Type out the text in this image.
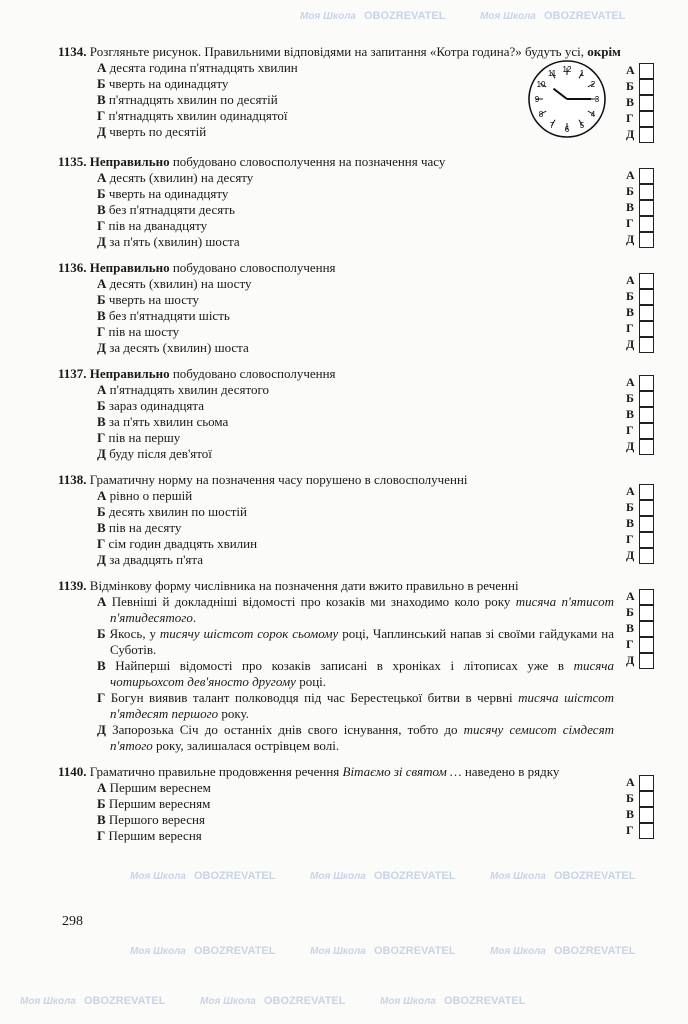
Моя Школа OBOZREVATEL	Моя Школа OBOZREVATEL
Моя Школа OBOZREVATEL	Моя Школа OBOZREVATEL	Моя Школа OBOZREVATEL
Моя Школа OBOZREVATEL	Моя Школа OBOZREVATEL	Моя Школа OBOZREVATEL
Моя Школа OBOZREVATEL	Моя Школа OBOZREVATEL	Моя Школа OBOZREVATEL
1134. Розгляньте рисунок. Правильними відповідями на запитання «Котра година?» будуть усі, окрім
А десята година п'ятнадцять хвилин
Б чверть на одинадцяту
В п'ятнадцять хвилин по десятій
Г п'ятнадцять хвилин одинадцятої
Д чверть по десятій
А
Б
В
Г
Д
1135. Неправильно побудовано словосполучення на позначення часу
А десять (хвилин) на десяту
Б чверть на одинадцяту
В без п'ятнадцяти десять
Г пів на дванадцяту
Д за п'ять (хвилин) шоста
А
Б
В
Г
Д
1136. Неправильно побудовано словосполучення
А десять (хвилин) на шосту
Б чверть на шосту
В без п'ятнадцяти шість
Г пів на шосту
Д за десять (хвилин) шоста
А
Б
В
Г
Д
1137. Неправильно побудовано словосполучення
А п'ятнадцять хвилин десятого
Б зараз одинадцята
В за п'ять хвилин сьома
Г пів на першу
Д буду після дев'ятої
А
Б
В
Г
Д
1138. Граматичну норму на позначення часу порушено в словосполученні
А рівно о першій
Б десять хвилин по шостій
В пів на десяту
Г сім годин двадцять хвилин
Д за двадцять п'ята
А
Б
В
Г
Д
1139. Відмінкову форму числівника на позначення дати вжито правильно в реченні
А Певніші й докладніші відомості про козаків ми знаходимо коло року тисяча п'ятисот п'ятидесятого.
Б Якось, у тисячу шістсот сорок сьомому році, Чаплинський напав зі своїми гайдуками на Суботів.
В Найперші відомості про козаків записані в хроніках і літописах уже в тисяча чотирьохсот дев'яносто другому році.
Г Богун виявив талант полководця під час Берестецької битви в червні тисяча шістсот п'ятдесят першого року.
Д Запорозька Січ до останніх днів свого існування, тобто до тисячу семисот сімдесят п'ятого року, залишалася острівцем волі.
А
Б
В
Г
Д
1140. Граматично правильне продовження речення Вітаємо зі святом … наведено в рядку
А Першим вереснем
Б Першим вересням
В Першого вересня
Г Першим вересня
А
Б
В
Г
12 1
2
3
4
5
6
7
8
9
10
11
298
